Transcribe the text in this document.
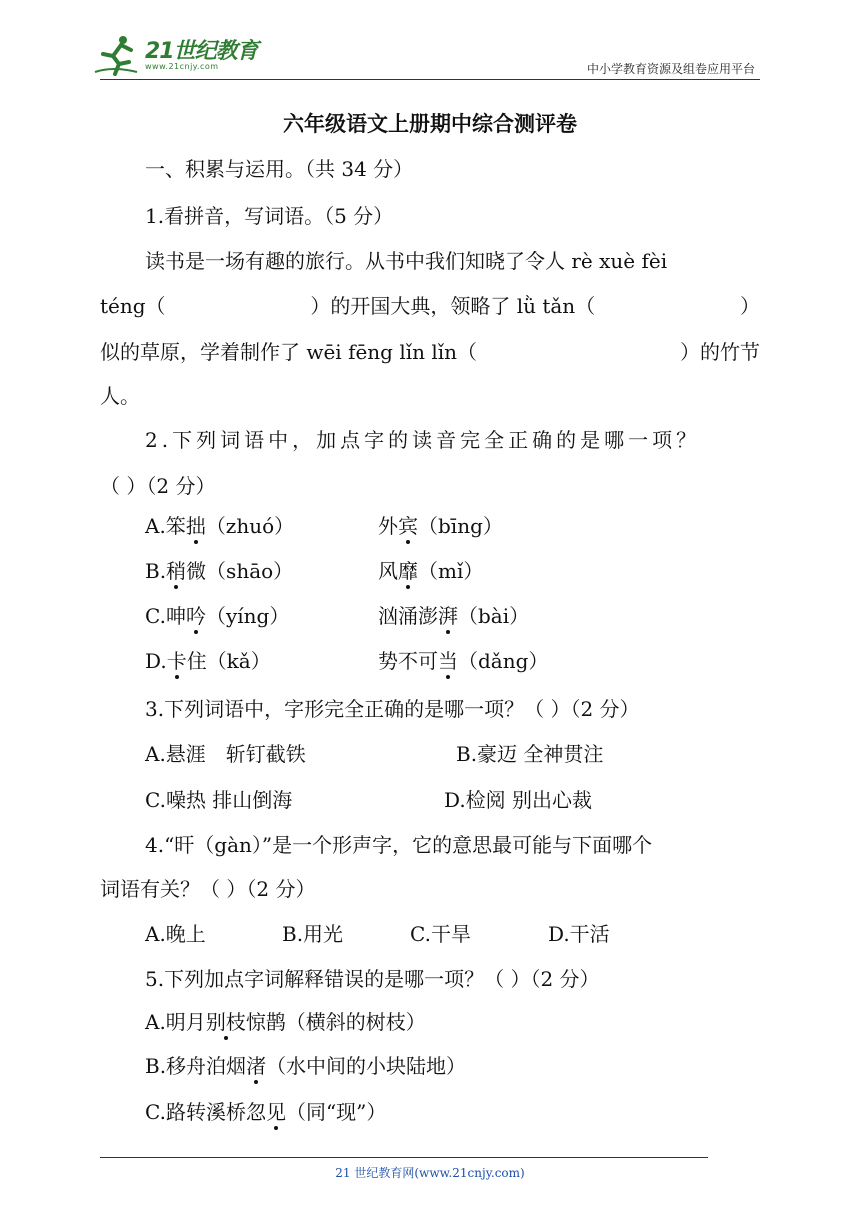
21世纪教育
www.21cnjy.com	中小学教育资源及组卷应用平台
六年级语文上册期中综合测评卷
一、积累与运用。（共 34 分）
1.看拼音，写词语。（5 分）
读书是一场有趣的旅行。从书中我们知晓了令人 rè xuè fèi
téng（	）的开国大典，领略了 lǜ tǎn（	）
似的草原，学着制作了 wēi fēng lǐn lǐn（	）的竹节
人。
2.下列词语中，加点字的读音完全正确的是哪一项？
（ ）（2 分）
A.笨拙（zhuó）	外宾（bīng）
B.稍微（shāo）	风靡（mǐ）
C.呻吟（yíng）	汹涌澎湃（bài）
D.卡住（kǎ）	势不可当（dǎng）
3.下列词语中，字形完全正确的是哪一项？（ ）（2 分）
A.悬涯　斩钉截铁	B.豪迈 全神贯注
C.噪热 排山倒海	D.检阅 别出心裁
4.“旰（gàn）”是一个形声字，它的意思最可能与下面哪个
词语有关？（ ）（2 分）
A.晚上	B.用光	C.干旱	D.干活
5.下列加点字词解释错误的是哪一项？（ ）（2 分）
A.明月别枝惊鹊（横斜的树枝）
B.移舟泊烟渚（水中间的小块陆地）
C.路转溪桥忽见（同“现”）
21 世纪教育网(www.21cnjy.com)
